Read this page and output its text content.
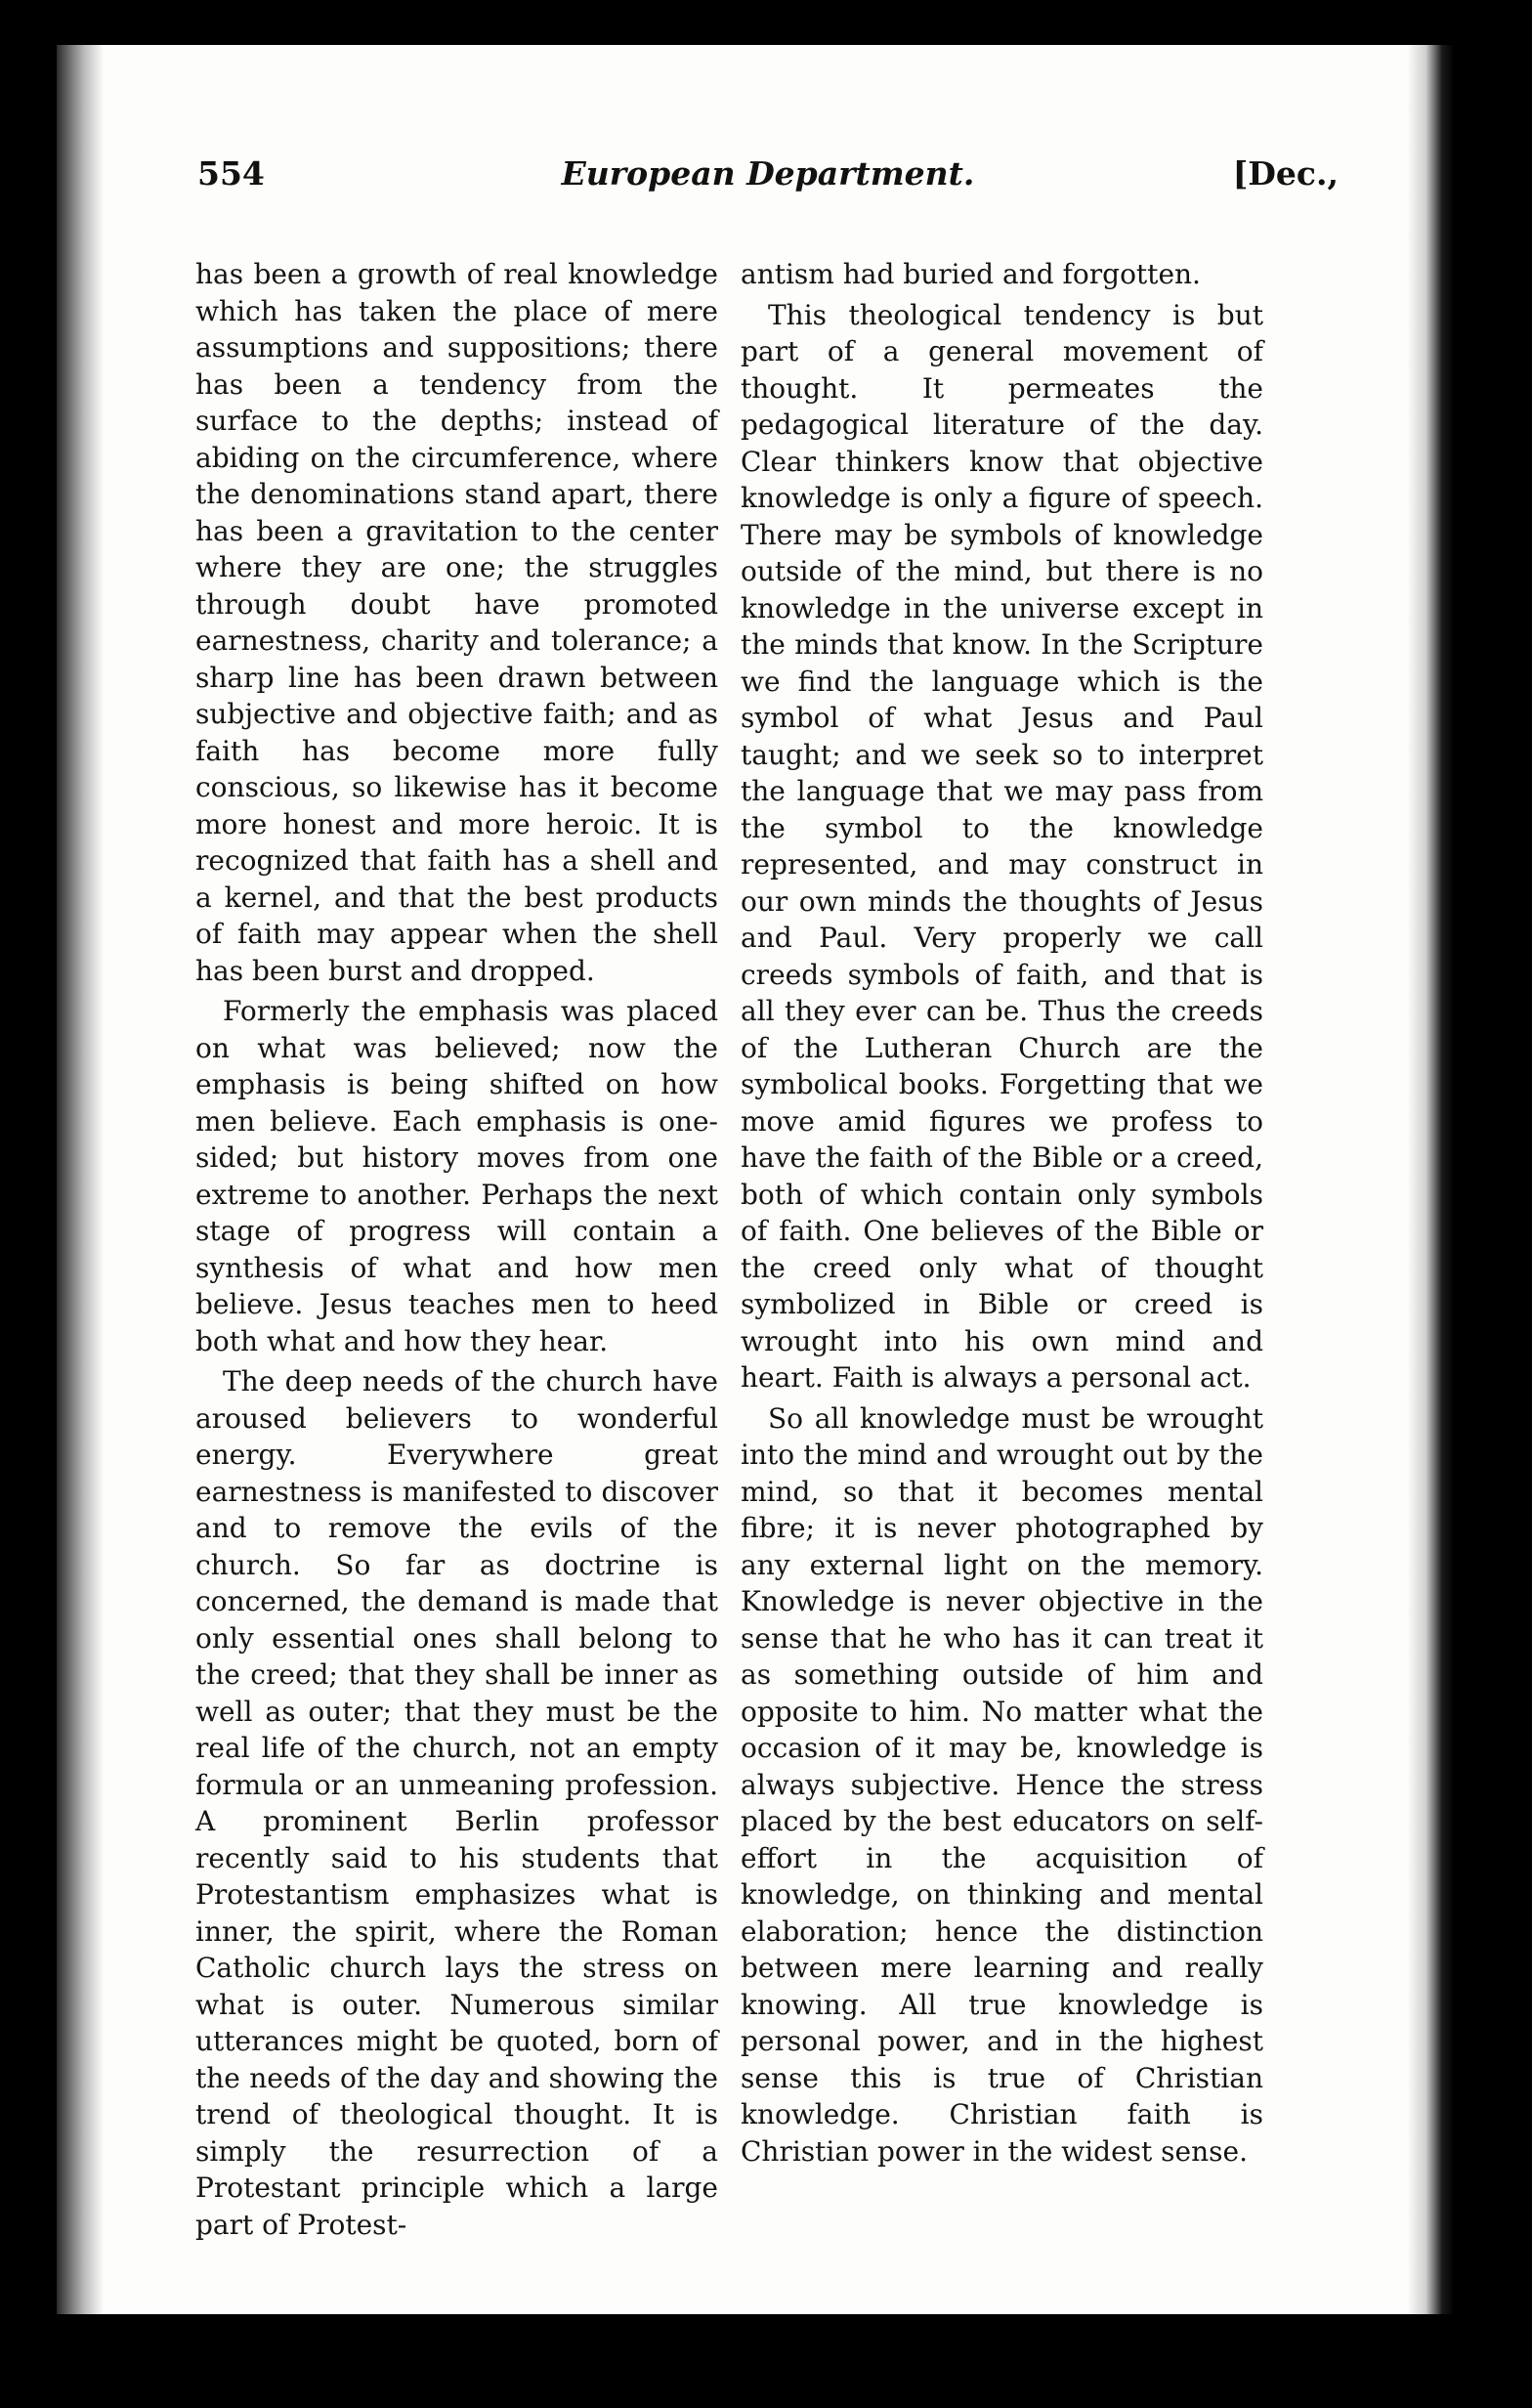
554	European Department.	[Dec.,

has been a growth of real knowledge which has taken the place of mere assumptions and suppositions; there has been a tendency from the surface to the depths; instead of abiding on the circumference, where the denominations stand apart, there has been a gravitation to the center where they are one; the struggles through doubt have promoted earnestness, charity and tolerance; a sharp line has been drawn between subjective and objective faith; and as faith has become more fully conscious, so likewise has it become more honest and more heroic. It is recognized that faith has a shell and a kernel, and that the best products of faith may appear when the shell has been burst and dropped.

Formerly the emphasis was placed on what was believed; now the emphasis is being shifted on how men believe. Each emphasis is one-sided; but history moves from one extreme to another. Perhaps the next stage of progress will contain a synthesis of what and how men believe. Jesus teaches men to heed both what and how they hear.

The deep needs of the church have aroused believers to wonderful energy. Everywhere great earnestness is manifested to discover and to remove the evils of the church. So far as doctrine is concerned, the demand is made that only essential ones shall belong to the creed; that they shall be inner as well as outer; that they must be the real life of the church, not an empty formula or an unmeaning profession. A prominent Berlin professor recently said to his students that Protestantism emphasizes what is inner, the spirit, where the Roman Catholic church lays the stress on what is outer. Numerous similar utterances might be quoted, born of the needs of the day and showing the trend of theological thought. It is simply the resurrection of a Protestant principle which a large part of Protest-

antism had buried and forgotten.

This theological tendency is but part of a general movement of thought. It permeates the pedagogical literature of the day. Clear thinkers know that objective knowledge is only a figure of speech. There may be symbols of knowledge outside of the mind, but there is no knowledge in the universe except in the minds that know. In the Scripture we find the language which is the symbol of what Jesus and Paul taught; and we seek so to interpret the language that we may pass from the symbol to the knowledge represented, and may construct in our own minds the thoughts of Jesus and Paul. Very properly we call creeds symbols of faith, and that is all they ever can be. Thus the creeds of the Lutheran Church are the symbolical books. Forgetting that we move amid figures we profess to have the faith of the Bible or a creed, both of which contain only symbols of faith. One believes of the Bible or the creed only what of thought symbolized in Bible or creed is wrought into his own mind and heart. Faith is always a personal act.

So all knowledge must be wrought into the mind and wrought out by the mind, so that it becomes mental fibre; it is never photographed by any external light on the memory. Knowledge is never objective in the sense that he who has it can treat it as something outside of him and opposite to him. No matter what the occasion of it may be, knowledge is always subjective. Hence the stress placed by the best educators on self-effort in the acquisition of knowledge, on thinking and mental elaboration; hence the distinction between mere learning and really knowing. All true knowledge is personal power, and in the highest sense this is true of Christian knowledge. Christian faith is Christian power in the widest sense.
